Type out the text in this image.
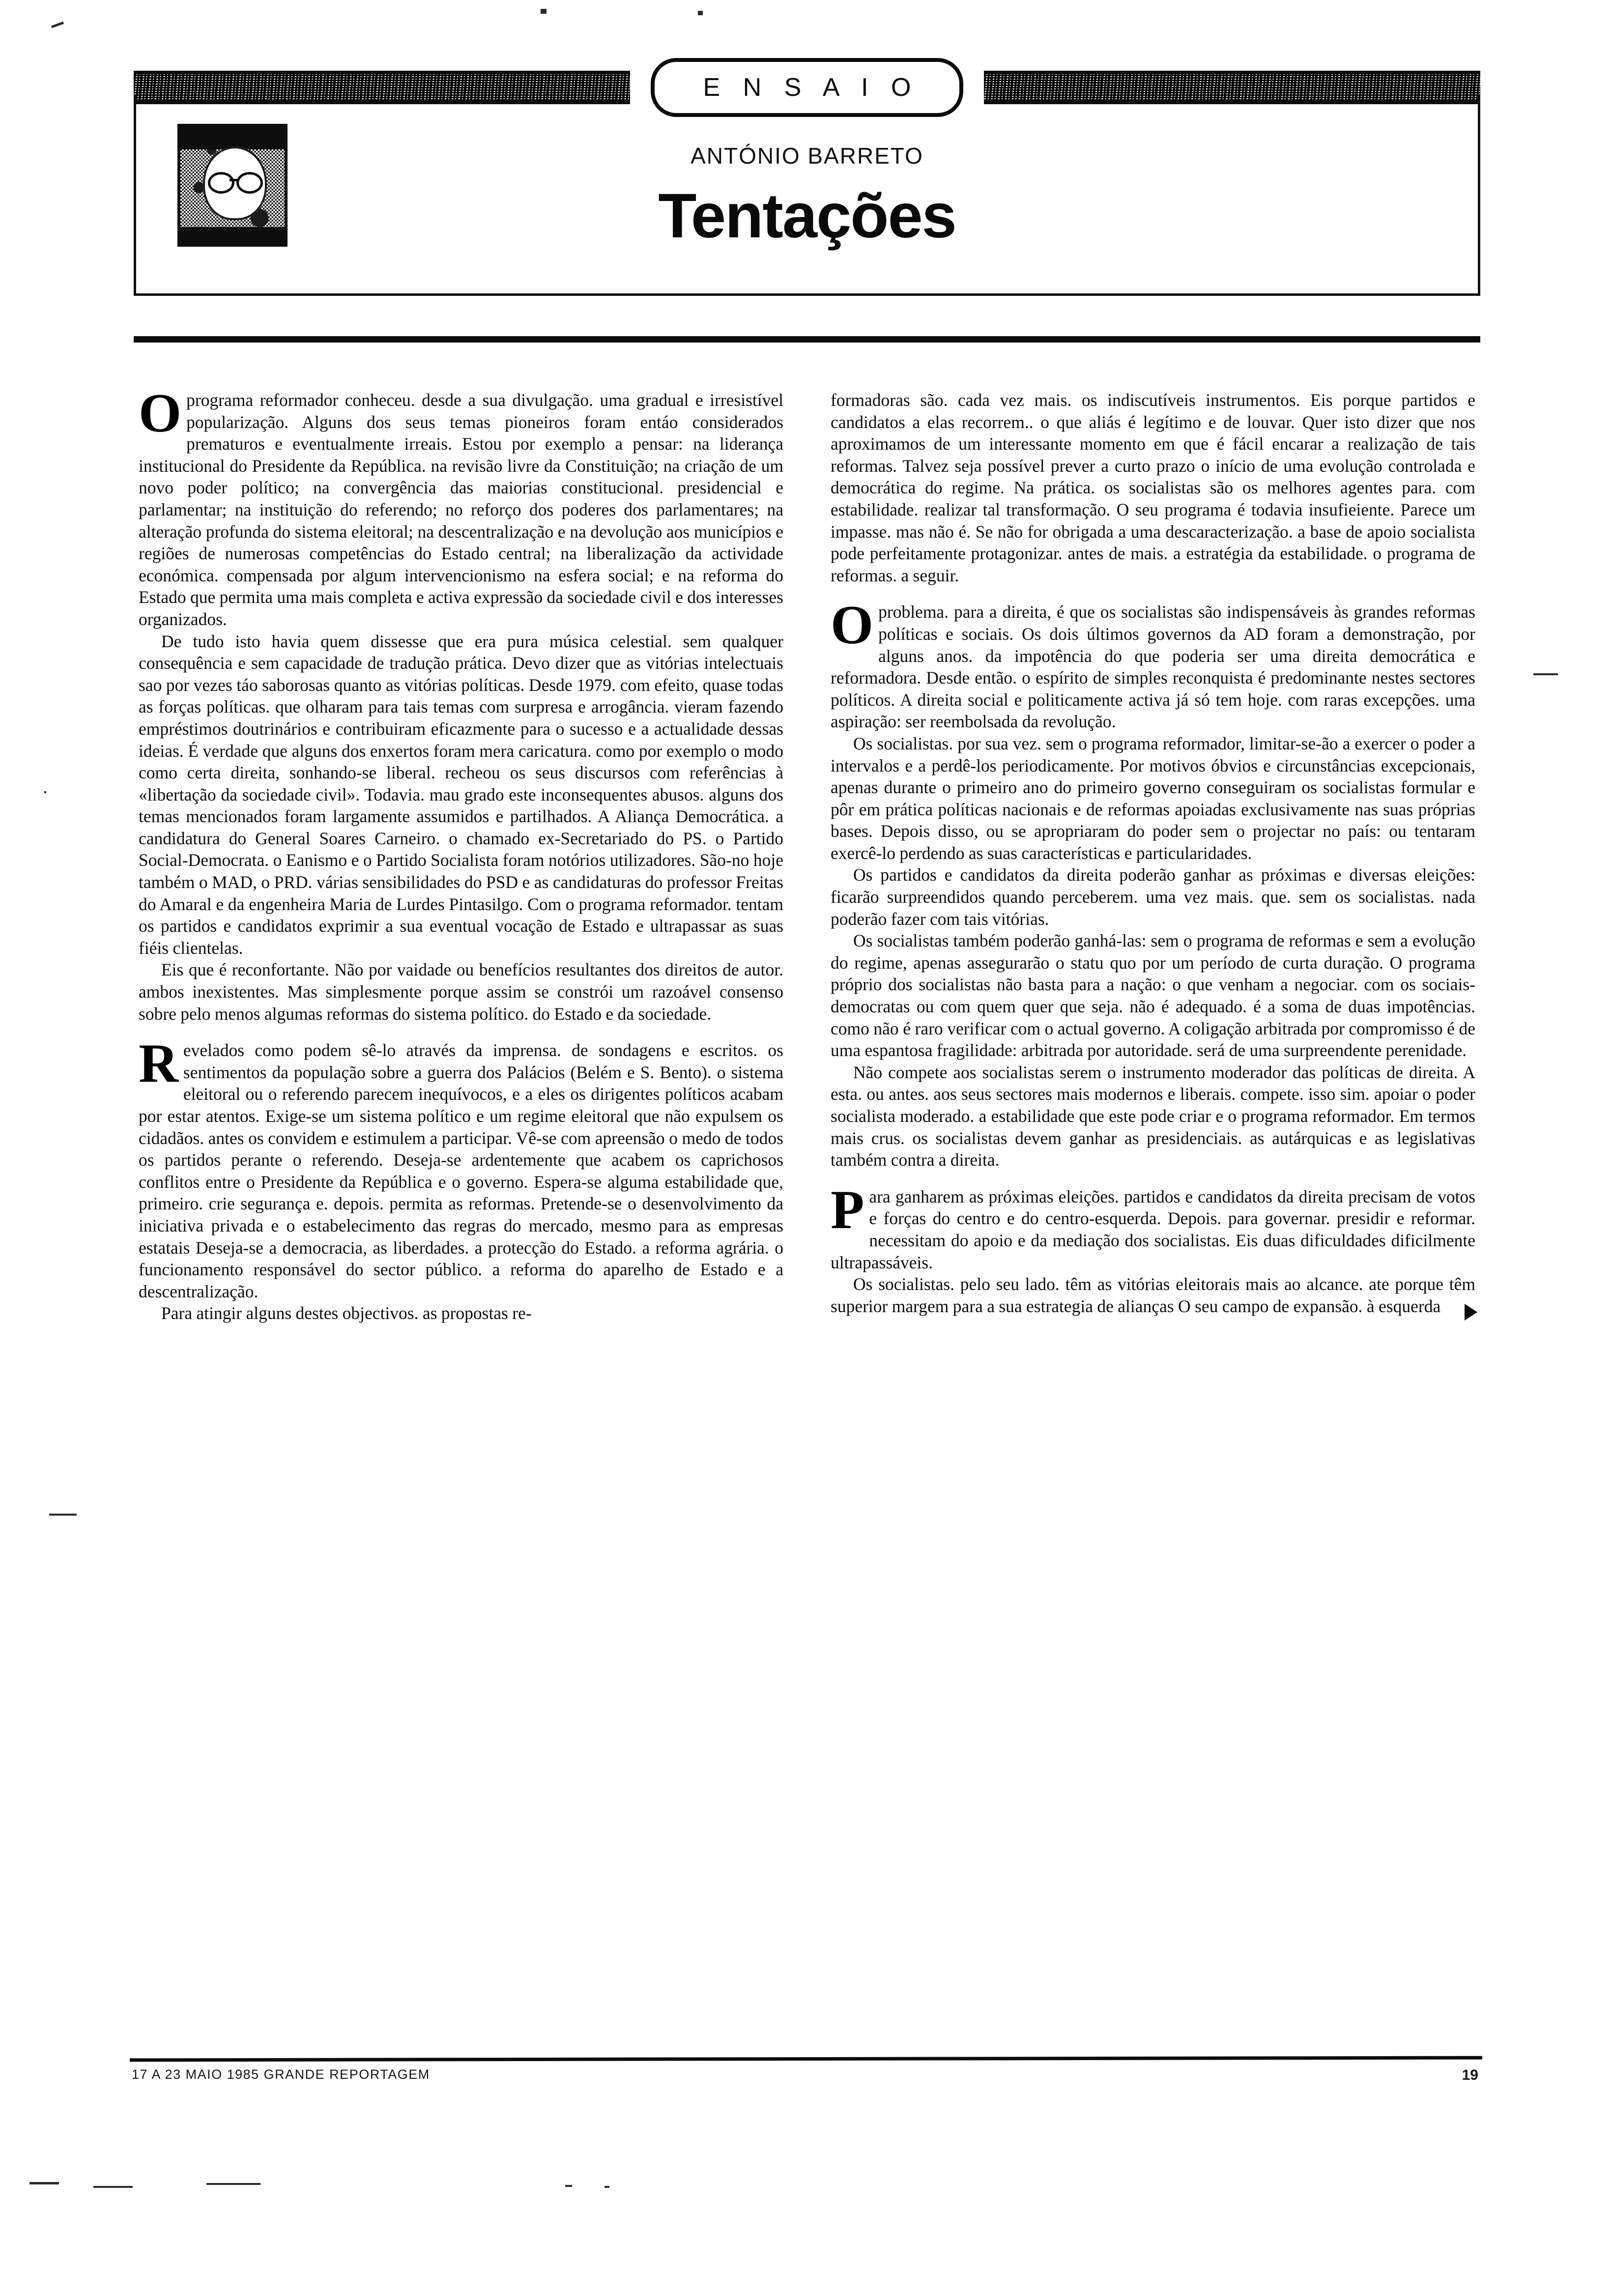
E N S A I O
ANTÓNIO BARRETO
Tentações

Oprograma reformador conheceu. desde a sua divulgação. uma gradual e irresistível popularização. Alguns dos seus temas pioneiros foram entáo considerados prematuros e eventualmente irreais. Estou por exemplo a pensar: na liderança institucional do Presidente da República. na revisão livre da Constituição; na criação de um novo poder político; na convergência das maiorias constitucional. presidencial e parlamentar; na instituição do referendo; no reforço dos poderes dos parlamentares; na alteração profunda do sistema eleitoral; na descentralização e na devolução aos municípios e regiões de numerosas competências do Estado central; na liberalização da actividade económica. compensada por algum intervencionismo na esfera social; e na reforma do Estado que permita uma mais completa e activa expressão da sociedade civil e dos interesses organizados.

De tudo isto havia quem dissesse que era pura música celestial. sem qualquer consequência e sem capacidade de tradução prática. Devo dizer que as vitórias intelectuais sao por vezes táo saborosas quanto as vitórias políticas. Desde 1979. com efeito, quase todas as forças políticas. que olharam para tais temas com surpresa e arrogância. vieram fazendo empréstimos doutrinários e contribuiram eficazmente para o sucesso e a actualidade dessas ideias. É verdade que alguns dos enxertos foram mera caricatura. como por exemplo o modo como certa direita, sonhando-se liberal. recheou os seus discursos com referências à «libertação da sociedade civil». Todavia. mau grado este inconsequentes abusos. alguns dos temas mencionados foram largamente assumidos e partilhados. A Aliança Democrática. a candidatura do General Soares Carneiro. o chamado ex-Secretariado do PS. o Partido Social-Democrata. o Eanismo e o Partido Socialista foram notórios utilizadores. São-no hoje também o MAD, o PRD. várias sensibilidades do PSD e as candidaturas do professor Freitas do Amaral e da engenheira Maria de Lurdes Pintasilgo. Com o programa reformador. tentam os partidos e candidatos exprimir a sua eventual vocação de Estado e ultrapassar as suas fiéis clientelas.

Eis que é reconfortante. Não por vaidade ou benefícios resultantes dos direitos de autor. ambos inexistentes. Mas simplesmente porque assim se constrói um razoável consenso sobre pelo menos algumas reformas do sistema político. do Estado e da sociedade.

Revelados como podem sê-lo através da imprensa. de sondagens e escritos. os sentimentos da população sobre a guerra dos Palácios (Belém e S. Bento). o sistema eleitoral ou o referendo parecem inequívocos, e a eles os dirigentes políticos acabam por estar atentos. Exige-se um sistema político e um regime eleitoral que não expulsem os cidadãos. antes os convidem e estimulem a participar. Vê-se com apreensão o medo de todos os partidos perante o referendo. Deseja-se ardentemente que acabem os caprichosos conflitos entre o Presidente da República e o governo. Espera-se alguma estabilidade que, primeiro. crie segurança e. depois. permita as reformas. Pretende-se o desenvolvimento da iniciativa privada e o estabelecimento das regras do mercado, mesmo para as empresas estatais Deseja-se a democracia, as liberdades. a protecção do Estado. a reforma agrária. o funcionamento responsável do sector público. a reforma do aparelho de Estado e a descentralização.

Para atingir alguns destes objectivos. as propostas re-

formadoras são. cada vez mais. os indiscutíveis instrumentos. Eis porque partidos e candidatos a elas recorrem.. o que aliás é legítimo e de louvar. Quer isto dizer que nos aproximamos de um interessante momento em que é fácil encarar a realização de tais reformas. Talvez seja possível prever a curto prazo o início de uma evolução controlada e democrática do regime. Na prática. os socialistas são os melhores agentes para. com estabilidade. realizar tal transformação. O seu programa é todavia insufieiente. Parece um impasse. mas não é. Se não for obrigada a uma descaracterização. a base de apoio socialista pode perfeitamente protagonizar. antes de mais. a estratégia da estabilidade. o programa de reformas. a seguir.

Oproblema. para a direita, é que os socialistas são indispensáveis às grandes reformas políticas e sociais. Os dois últimos governos da AD foram a demonstração, por alguns anos. da impotência do que poderia ser uma direita democrática e reformadora. Desde então. o espírito de simples reconquista é predominante nestes sectores políticos. A direita social e politicamente activa já só tem hoje. com raras excepções. uma aspiração: ser reembolsada da revolução.

Os socialistas. por sua vez. sem o programa reformador, limitar-se-ão a exercer o poder a intervalos e a perdê-los periodicamente. Por motivos óbvios e circunstâncias excepcionais, apenas durante o primeiro ano do primeiro governo conseguiram os socialistas formular e pôr em prática políticas nacionais e de reformas apoiadas exclusivamente nas suas próprias bases. Depois disso, ou se apropriaram do poder sem o projectar no país: ou tentaram exercê-lo perdendo as suas características e particularidades.

Os partidos e candidatos da direita poderão ganhar as próximas e diversas eleições: ficarão surpreendidos quando perceberem. uma vez mais. que. sem os socialistas. nada poderão fazer com tais vitórias.

Os socialistas também poderão ganhá-las: sem o programa de reformas e sem a evolução do regime, apenas assegurarão o statu quo por um período de curta duração. O programa próprio dos socialistas não basta para a nação: o que venham a negociar. com os sociais-democratas ou com quem quer que seja. não é adequado. é a soma de duas impotências. como não é raro verificar com o actual governo. A coligação arbitrada por compromisso é de uma espantosa fragilidade: arbitrada por autoridade. será de uma surpreendente perenidade.

Não compete aos socialistas serem o instrumento moderador das políticas de direita. A esta. ou antes. aos seus sectores mais modernos e liberais. compete. isso sim. apoiar o poder socialista moderado. a estabilidade que este pode criar e o programa reformador. Em termos mais crus. os socialistas devem ganhar as presidenciais. as autárquicas e as legislativas também contra a direita.

Para ganharem as próximas eleições. partidos e candidatos da direita precisam de votos e forças do centro e do centro-esquerda. Depois. para governar. presidir e reformar. necessitam do apoio e da mediação dos socialistas. Eis duas dificuldades dificilmente ultrapassáveis.

Os socialistas. pelo seu lado. têm as vitórias eleitorais mais ao alcance. ate porque têm superior margem para a sua estrategia de alianças O seu campo de expansão. à esquerda

17 A 23 MAIO 1985 GRANDE REPORTAGEM	19
